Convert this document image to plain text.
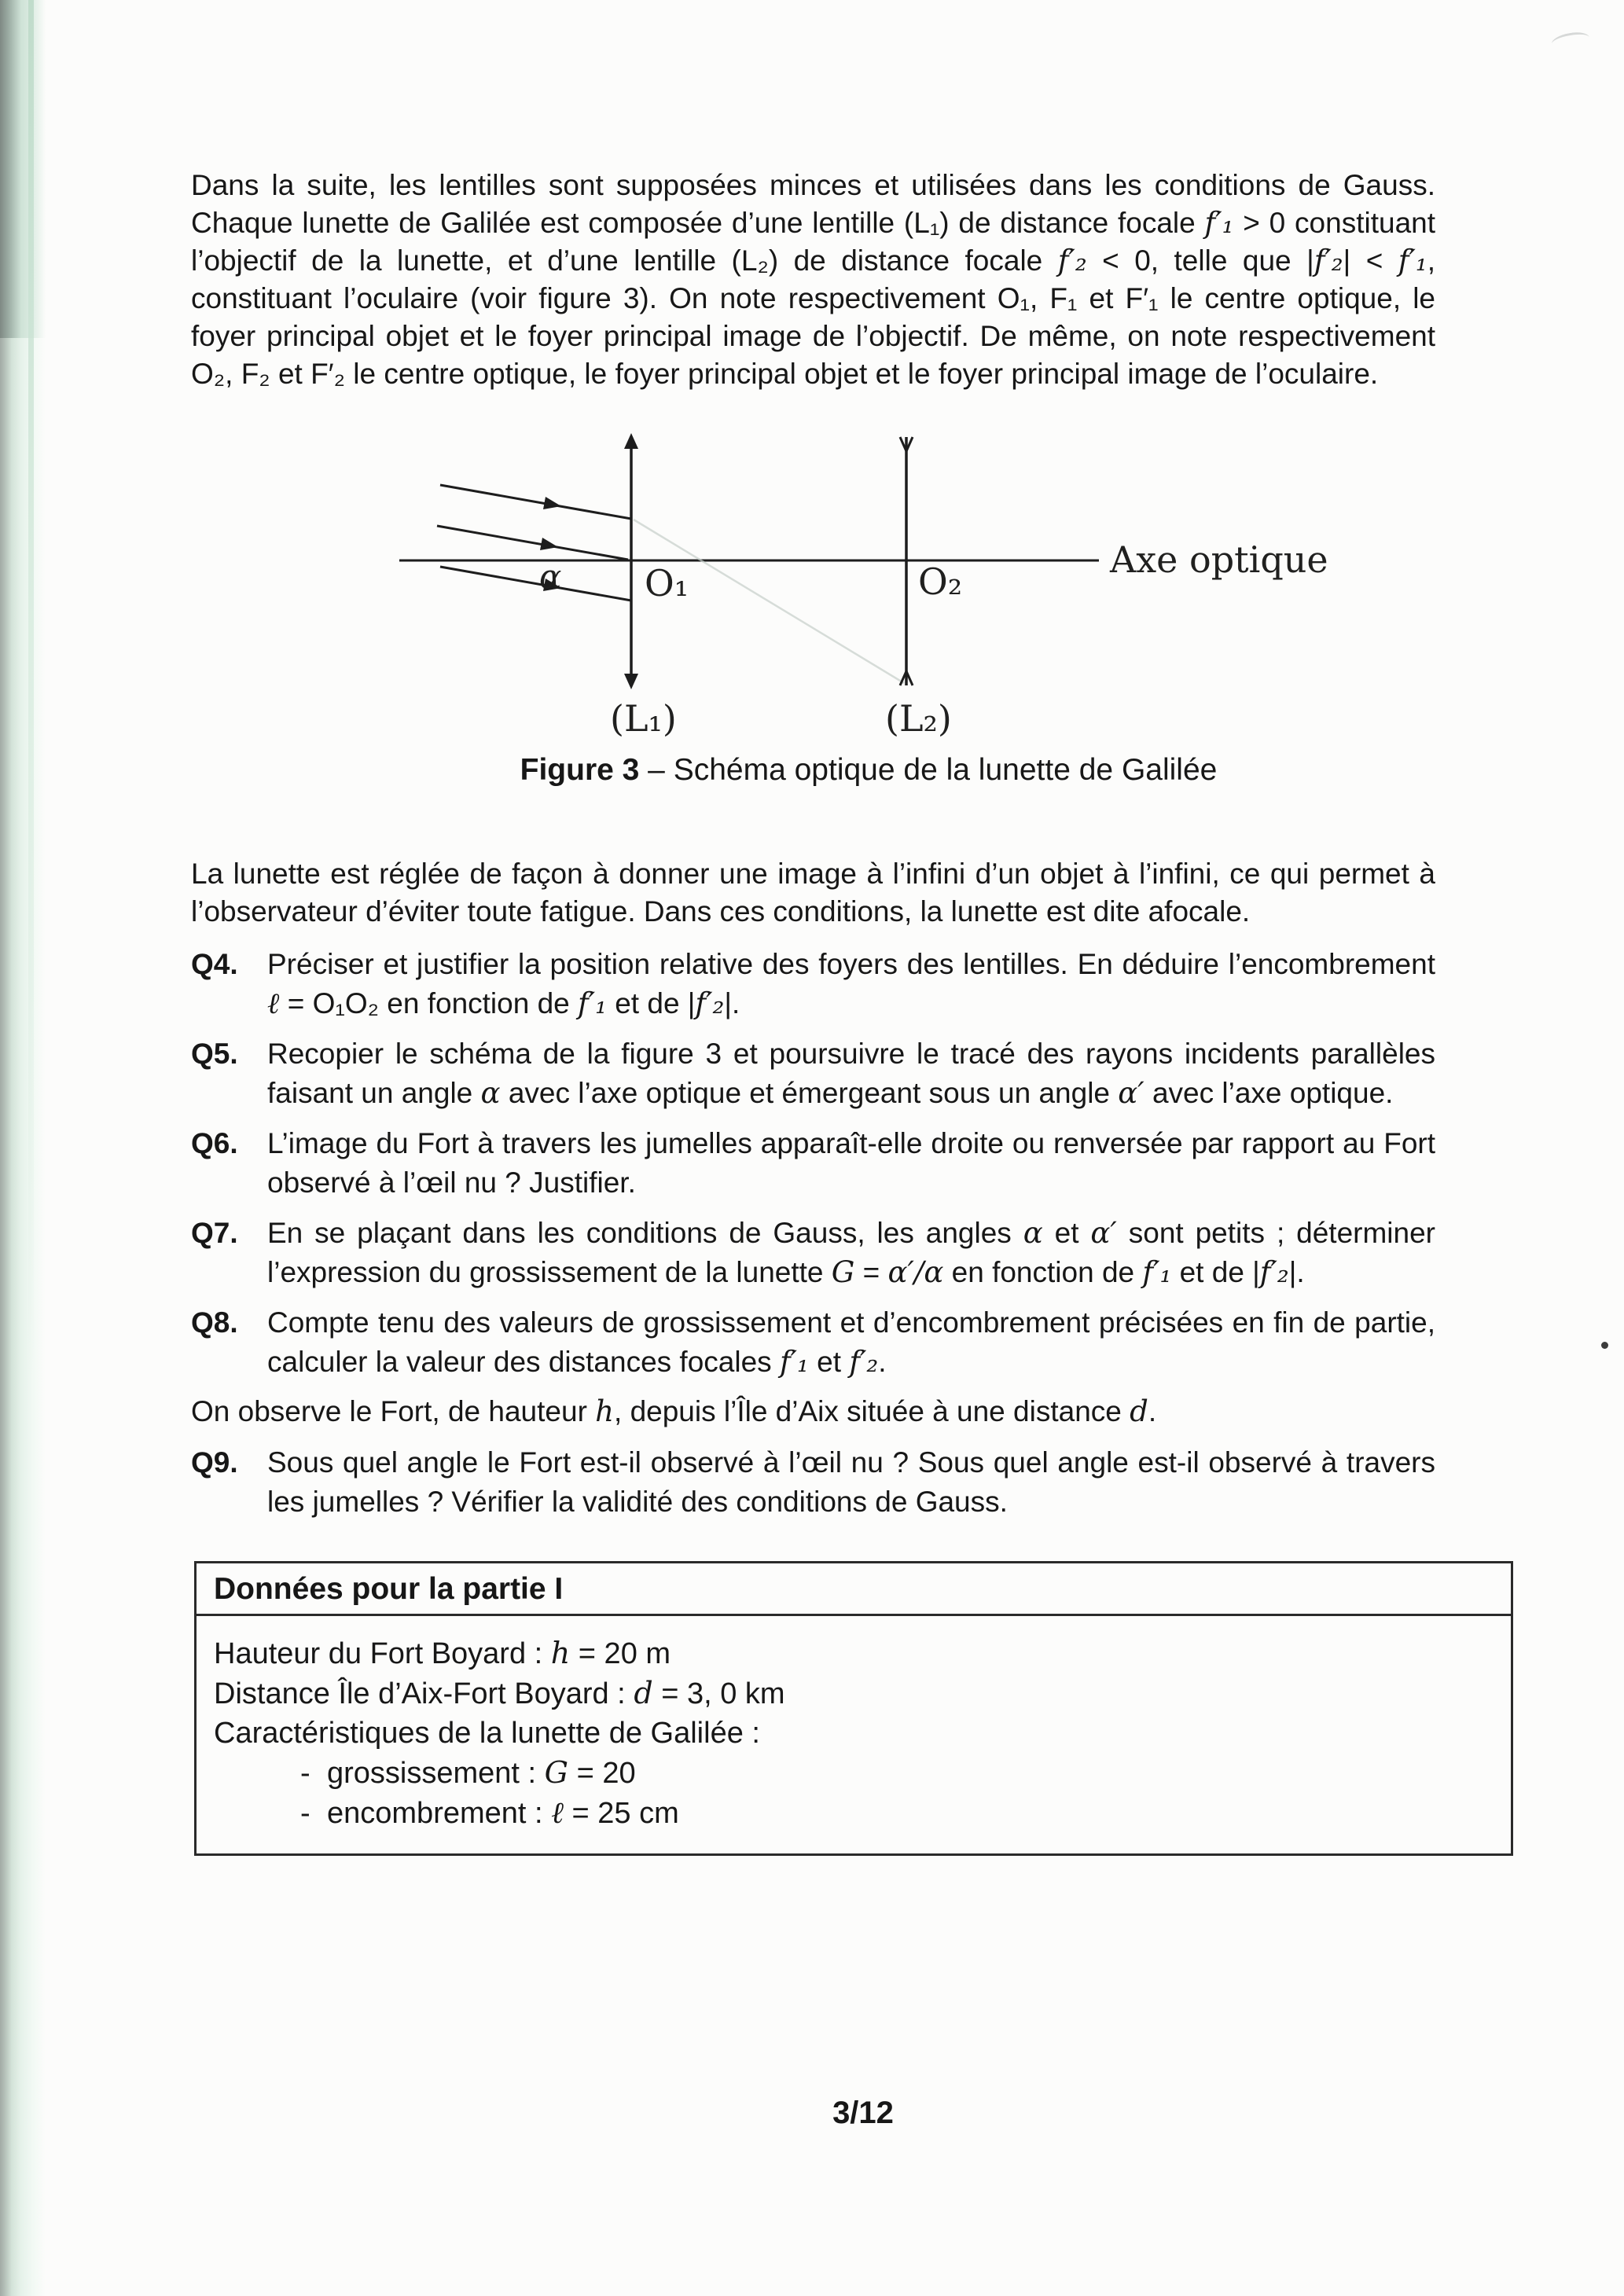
Dans la suite, les lentilles sont supposées minces et utilisées dans les conditions de Gauss. Chaque lunette de Galilée est composée d’une lentille (L₁) de distance focale f′₁ > 0 constituant l’objectif de la lunette, et d’une lentille (L₂) de distance focale f′₂ < 0, telle que |f′₂| < f′₁, constituant l’oculaire (voir figure 3). On note respectivement O₁, F₁ et F′₁ le centre optique, le foyer principal objet et le foyer principal image de l’objectif. De même, on note respectivement O₂, F₂ et F′₂ le centre optique, le foyer principal objet et le foyer principal image de l’oculaire.

Axe optique
O₁	O₂
α
(L₁)	(L₂)

Figure 3 – Schéma optique de la lunette de Galilée

La lunette est réglée de façon à donner une image à l’infini d’un objet à l’infini, ce qui permet à l’observateur d’éviter toute fatigue. Dans ces conditions, la lunette est dite afocale.

Q4. Préciser et justifier la position relative des foyers des lentilles. En déduire l’encombrement ℓ = O₁O₂ en fonction de f′₁ et de |f′₂|.
Q5. Recopier le schéma de la figure 3 et poursuivre le tracé des rayons incidents parallèles faisant un angle α avec l’axe optique et émergeant sous un angle α′ avec l’axe optique.
Q6. L’image du Fort à travers les jumelles apparaît-elle droite ou renversée par rapport au Fort observé à l’œil nu ? Justifier.
Q7. En se plaçant dans les conditions de Gauss, les angles α et α′ sont petits ; déterminer l’expression du grossissement de la lunette G = α′/α en fonction de f′₁ et de |f′₂|.
Q8. Compte tenu des valeurs de grossissement et d’encombrement précisées en fin de partie, calculer la valeur des distances focales f′₁ et f′₂.

On observe le Fort, de hauteur h, depuis l’Île d’Aix située à une distance d.

Q9. Sous quel angle le Fort est-il observé à l’œil nu ? Sous quel angle est-il observé à travers les jumelles ? Vérifier la validité des conditions de Gauss.
Données pour la partie I

Hauteur du Fort Boyard : h = 20 m

Distance Île d’Aix-Fort Boyard : d = 3, 0 km

Caractéristiques de la lunette de Galilée :

- grossissement : G = 20

- encombrement : ℓ = 25 cm

3/12
